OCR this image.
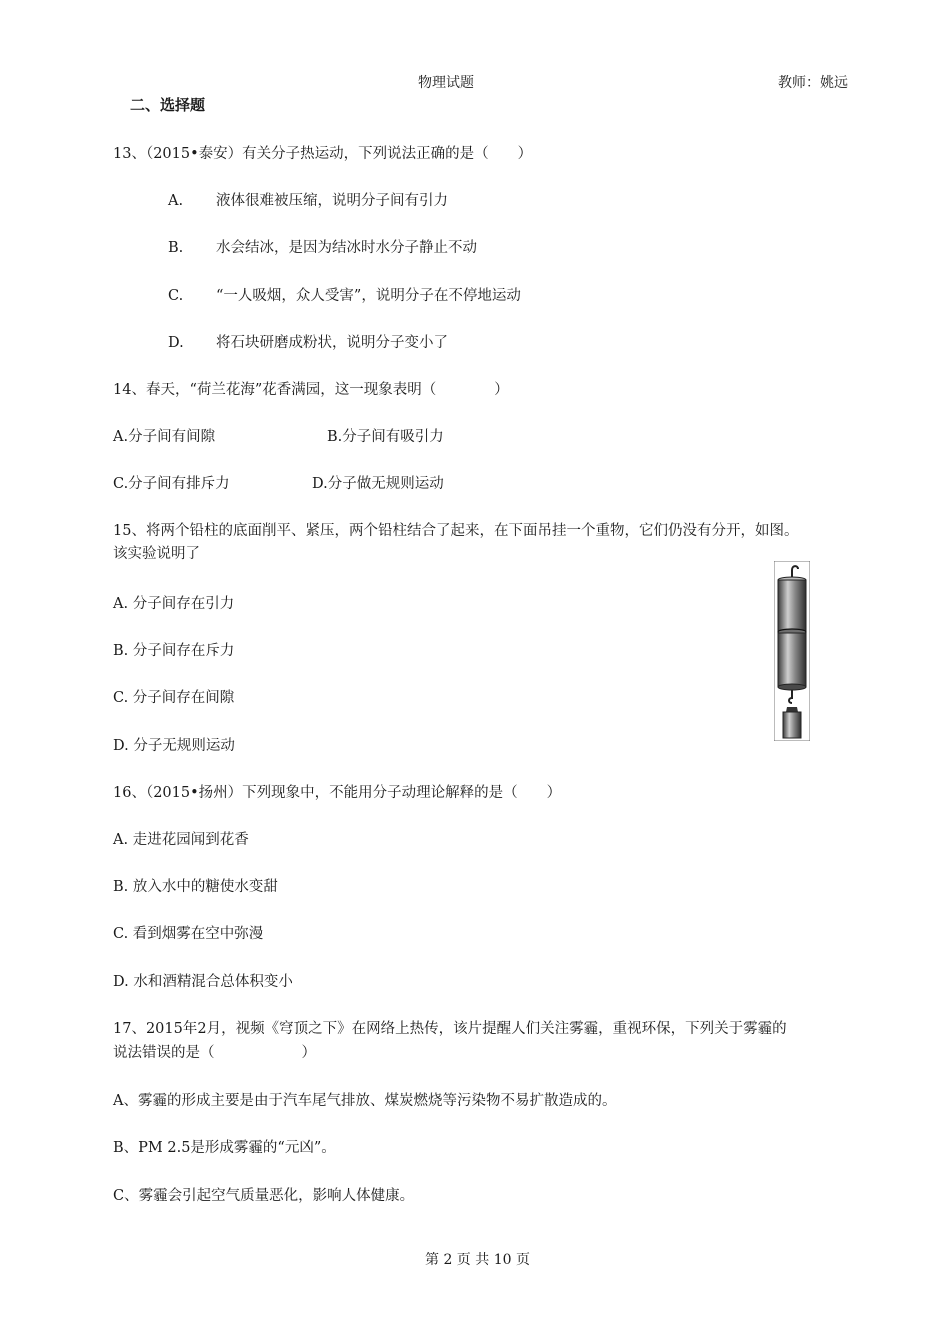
物理试题	教师：姚远
二、选择题
13、（2015•泰安）有关分子热运动，下列说法正确的是（　　）
A. 液体很难被压缩，说明分子间有引力
B. 水会结冰，是因为结冰时水分子静止不动
C. “一人吸烟，众人受害”，说明分子在不停地运动
D. 将石块研磨成粉状，说明分子变小了
14、春天，“荷兰花海”花香满园，这一现象表明（　　　　）
A.分子间有间隙	B.分子间有吸引力
C.分子间有排斥力	D.分子做无规则运动
15、将两个铅柱的底面削平、紧压，两个铅柱结合了起来，在下面吊挂一个重物，它们仍没有分开，如图。
该实验说明了
A. 分子间存在引力
B. 分子间存在斥力
C. 分子间存在间隙
D. 分子无规则运动
16、（2015•扬州）下列现象中，不能用分子动理论解释的是（　　）
A. 走进花园闻到花香
B. 放入水中的糖使水变甜
C. 看到烟雾在空中弥漫
D. 水和酒精混合总体积变小
17、2015年2月，视频《穹顶之下》在网络上热传，该片提醒人们关注雾霾，重视环保，下列关于雾霾的
说法错误的是（　　　　　　）
A、雾霾的形成主要是由于汽车尾气排放、煤炭燃烧等污染物不易扩散造成的。
B、PM 2.5是形成雾霾的“元凶”。
C、雾霾会引起空气质量恶化，影响人体健康。
第 2 页 共 10 页
